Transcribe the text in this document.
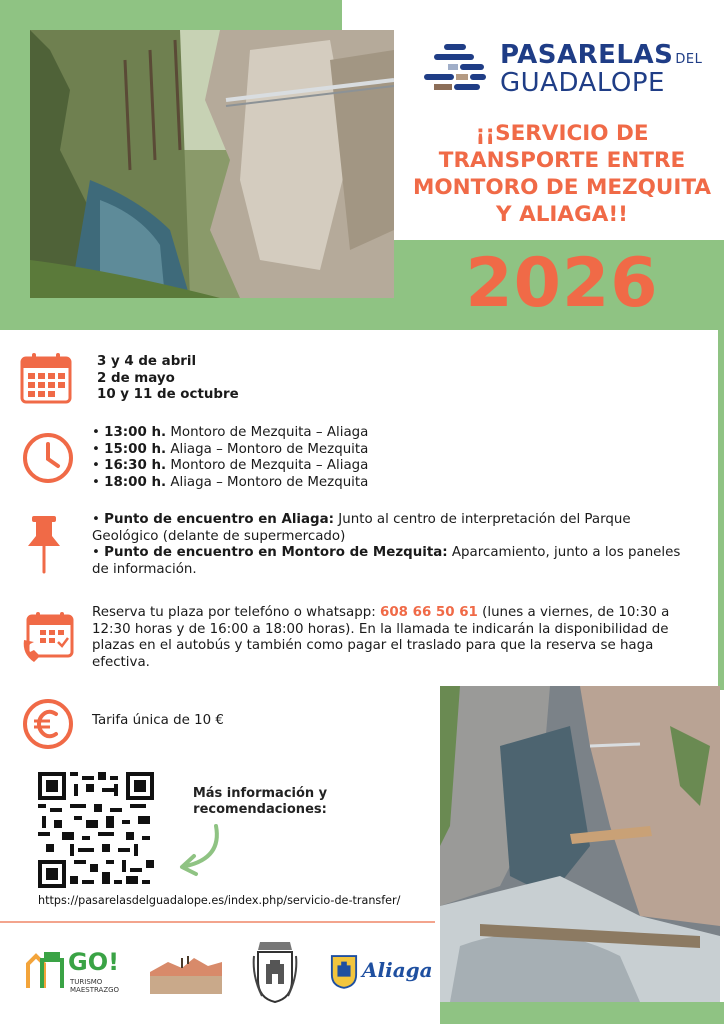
PASARELAS DEL
GUADALOPE
¡¡SERVICIO DE TRANSPORTE ENTRE MONTORO DE MEZQUITA Y ALIAGA!!
2026
3 y 4 de abril
2 de mayo
10 y 11 de octubre
• 13:00 h. Montoro de Mezquita – Aliaga
• 15:00 h. Aliaga – Montoro de Mezquita
• 16:30 h. Montoro de Mezquita – Aliaga
• 18:00 h. Aliaga – Montoro de Mezquita
• Punto de encuentro en Aliaga: Junto al centro de interpretación del Parque Geológico (delante de supermercado)
• Punto de encuentro en Montoro de Mezquita: Aparcamiento, junto a los paneles de información.
Reserva tu plaza por telefóno o whatsapp: 608 66 50 61 (lunes a viernes, de 10:30 a 12:30 horas y de 16:00 a 18:00 horas). En la llamada te indicarán la disponibilidad de plazas en el autobús y también como pagar el traslado para que la reserva se haga efectiva.
Tarifa única de 10 €
Más información y recomendaciones:
https://pasarelasdelguadalope.es/index.php/servicio-de-transfer/
GO!
TURISMO
MAESTRAZGO
Aliaga
